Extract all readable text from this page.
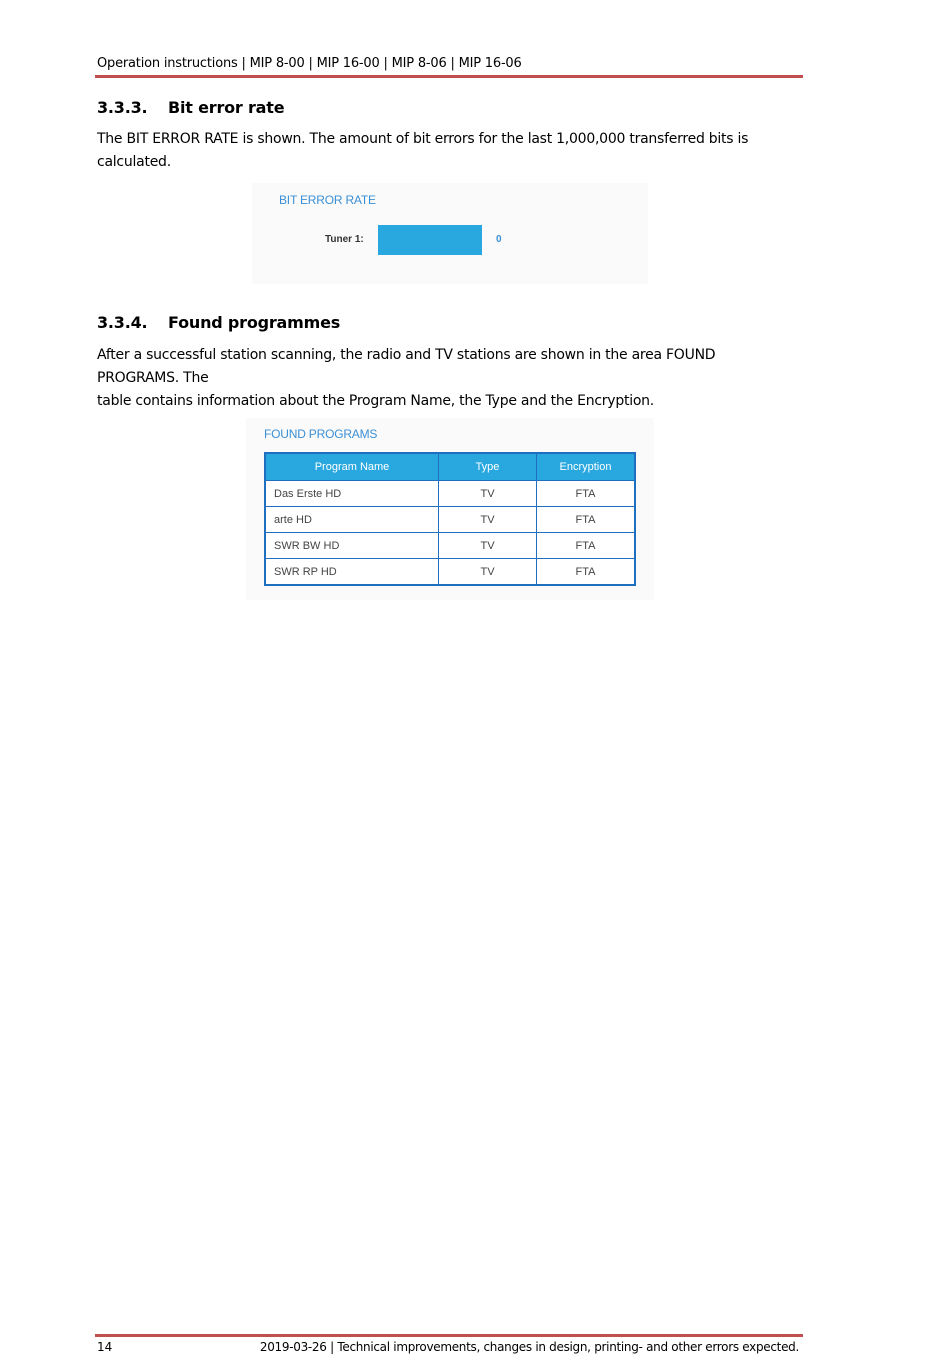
Operation instructions | MIP 8-00 | MIP 16-00 | MIP 8-06 | MIP 16-06
3.3.3. Bit error rate
The BIT ERROR RATE is shown. The amount of bit errors for the last 1,000,000 transferred bits is calculated.
BIT ERROR RATE
Tuner 1:	0
3.3.4. Found programmes
After a successful station scanning, the radio and TV stations are shown in the area FOUND PROGRAMS. The
table contains information about the Program Name, the Type and the Encryption.
FOUND PROGRAMS
Program Name	Type	Encryption
Das Erste HD	TV	FTA
arte HD	TV	FTA
SWR BW HD	TV	FTA
SWR RP HD	TV	FTA
14	2019-03-26 | Technical improvements, changes in design, printing- and other errors expected.
